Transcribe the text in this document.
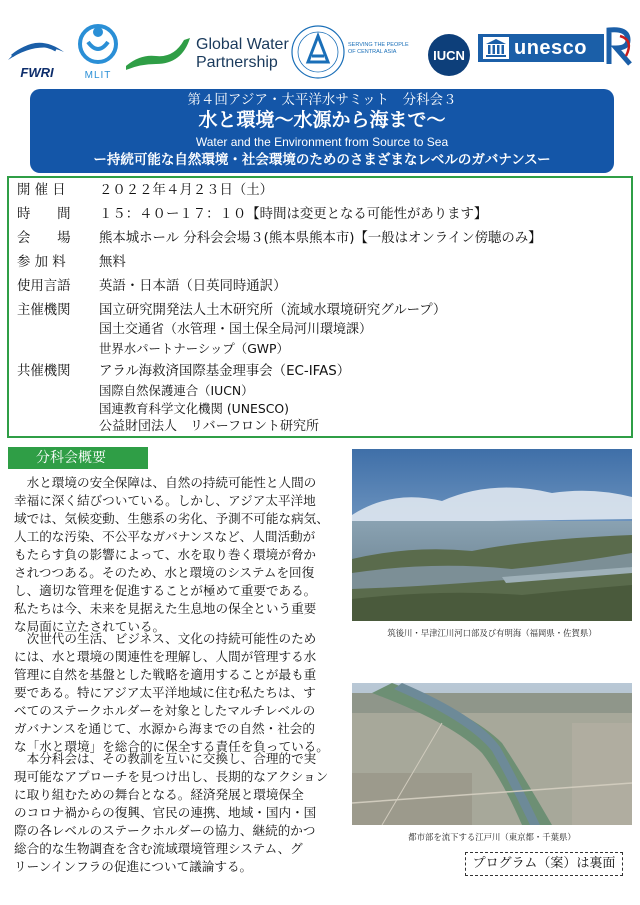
FWRI	MLIT
Global Water
Partnership
SERVING THE PEOPLE
OF CENTRAL ASIA	IUCN unesco
第４回アジア・太平洋水サミット　分科会３
水と環境～水源から海まで～
Water and the Environment from Source to Sea
ー持続可能な自然環境・社会環境のためのさまざまなレベルのガバナンスー
開 催 日 ２０２２年４月２３日（土）
時　　間 １５：４０ー１７：１０【時間は変更となる可能性があります】
会　　場 熊本城ホール 分科会会場３(熊本県熊本市)【一般はオンライン傍聴のみ】
参 加 料 無料
使用言語 英語・日本語（日英同時通訳）
主催機関 国立研究開発法人土木研究所（流域水環境研究グループ）
国土交通省（水管理・国土保全局河川環境課）
世界水パートナーシップ（GWP）
共催機関 アラル海救済国際基金理事会（EC-IFAS）
国際自然保護連合（IUCN）
国連教育科学文化機関 (UNESCO)
公益財団法人　リバーフロント研究所
分科会概要
　水と環境の安全保障は、自然の持続可能性と人間の
幸福に深く結びついている。しかし、アジア太平洋地
域では、気候変動、生態系の劣化、予測不可能な病気、
人工的な汚染、不公平なガバナンスなど、人間活動が
もたらす負の影響によって、水を取り巻く環境が脅か
されつつある。そのため、水と環境のシステムを回復
し、適切な管理を促進することが極めて重要である。
私たちは今、未来を見据えた生息地の保全という重要
な局面に立たされている。
　次世代の生活、ビジネス、文化の持続可能性のため
には、水と環境の関連性を理解し、人間が管理する水
管理に自然を基盤とした戦略を適用することが最も重
要である。特にアジア太平洋地域に住む私たちは、す
べてのステークホルダーを対象としたマルチレベルの
ガバナンスを通じて、水源から海までの自然・社会的
な「水と環境」を総合的に保全する責任を負っている。
　本分科会は、その教訓を互いに交換し、合理的で実
現可能なアプローチを見つけ出し、長期的なアクション
に取り組むための舞台となる。経済発展と環境保全
のコロナ禍からの復興、官民の連携、地域・国内・国
際の各レベルのステークホルダーの協力、継続的かつ
総合的な生物調査を含む流域環境管理システム、グ
リーンインフラの促進について議論する。
筑後川・早津江川河口部及び有明海（福岡県・佐賀県）
都市部を流下する江戸川（東京都・千葉県）
プログラム（案）は裏面
